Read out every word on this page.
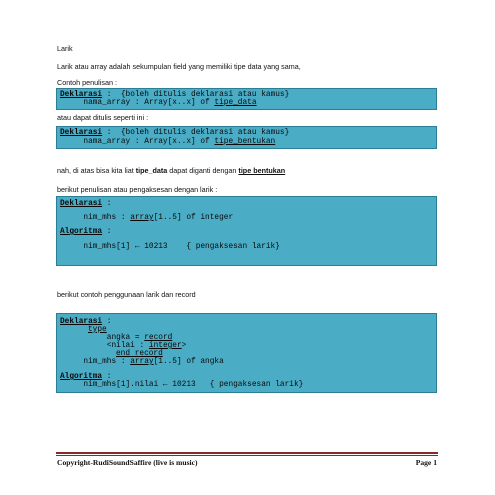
Larik
Larik atau array adalah sekumpulan field yang memiliki tipe data yang sama,
Contoh penulisan :
Deklarasi :  {boleh ditulis deklarasi atau kamus}
nama_array : Array[x..x] of tipe_data
atau dapat ditulis seperti ini :
Deklarasi :  {boleh ditulis deklarasi atau kamus}
nama_array : Array[x..x] of tipe_bentukan
nah, di atas bisa kita liat tipe_data dapat diganti dengan tipe bentukan
berikut penulisan atau pengaksesan dengan larik :
Deklarasi :
nim_mhs : array[1..5] of integer
Algoritma :
nim_mhs[1] ← 10213    { pengaksesan larik}
berikut contoh penggunaan larik dan record
Deklarasi :
type
angka = record
<nilai : integer>
end record
nim_mhs : array[1..5] of angka
Algoritma :
nim_mhs[1].nilai ← 10213   { pengaksesan larik}
Copyright-RudiSoundSaffire (live is music)	Page 1
